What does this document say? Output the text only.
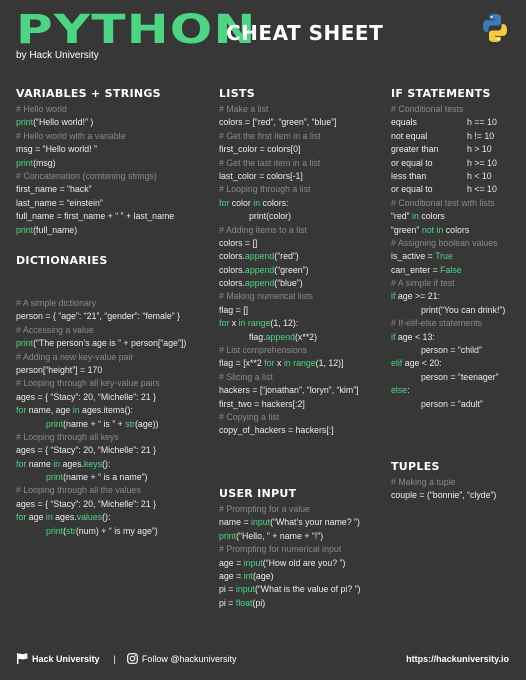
PYTHON
CHEAT SHEET
by Hack University
VARIABLES + STRINGS
DICTIONARIES
LISTS
USER INPUT
IF STATEMENTS
TUPLES
# Hello world
print(“Hello world!” )
# Hello world with a variable
msg = “Hello world! ”
print(msg)
# Concatenation (combining strings)
first_name = “hack”
last_name = “einstein”
full_name = first_name + “ ” + last_name
print(full_name)
# A simple dictionary
person = { “age”: “21”, “gender”: “female” }
# Accessing a value
print(“The person’s age is ” + person[“age”])
# Adding a new key-value pair
person[“height”] = 170
# Looping through all key-value pairs
ages = { “Stacy”: 20, “Michelle”: 21 }
for name, age in ages.items():
print(name + “ is ” + str(age))
# Looping through all keys
ages = { “Stacy”: 20, “Michelle”: 21 }
for name in ages.keys():
print(name + “ is a name”)
# Looping through all the values
ages = { “Stacy”: 20, “Michelle”: 21 }
for age in ages.values():
print(str(num) + “ is my age”)
# Make a list
colors = [“red”, “green”, “blue”]
# Get the first item in a list
first_color = colors[0]
# Get the last item in a list
last_color = colors[-1]
# Looping through a list
for color in colors:
print(color)
# Adding items to a list
colors = []
colors.append(“red”)
colors.append(“green”)
colors.append(“blue”)
# Making numerical lists
flag = []
for x in range(1, 12):
flag.append(x**2)
# List comprehensions
flag = [x**2 for x in range(1, 12)]
# Slicing a list
hackers = [“jonathan”, “loryn”, “kim”]
first_two = hackers[:2]
# Copying a list
copy_of_hackers = hackers[:]
# Prompting for a value
name = input(“What’s your name? ”)
print(“Hello, ” + name + “!”)
# Prompting for numerical input
age = input(“How old are you? ”)
age = int(age)
pi = input(“What is the value of pi? ”)
pi = float(pi)
# Conditional tests
equals	h == 10
not equal	h != 10
greater than	h > 10
or equal to	h >= 10
less than	h < 10
or equal to	h <= 10
# Conditional test with lists
“red” in colors
“green” not in colors
# Assigning boolean values
is_active = True
can_enter = False
# A simple if test
if age >= 21:
print(“You can drink!”)
# If-elif-else statements
if age < 13:
person = “child”
elif age < 20:
person = “teenager”
else:
person = “adult”
# Making a tuple
couple = (“bonnie”, “clyde”)
Hack University |	Follow @hackuniversity	https://hackuniversity.io
